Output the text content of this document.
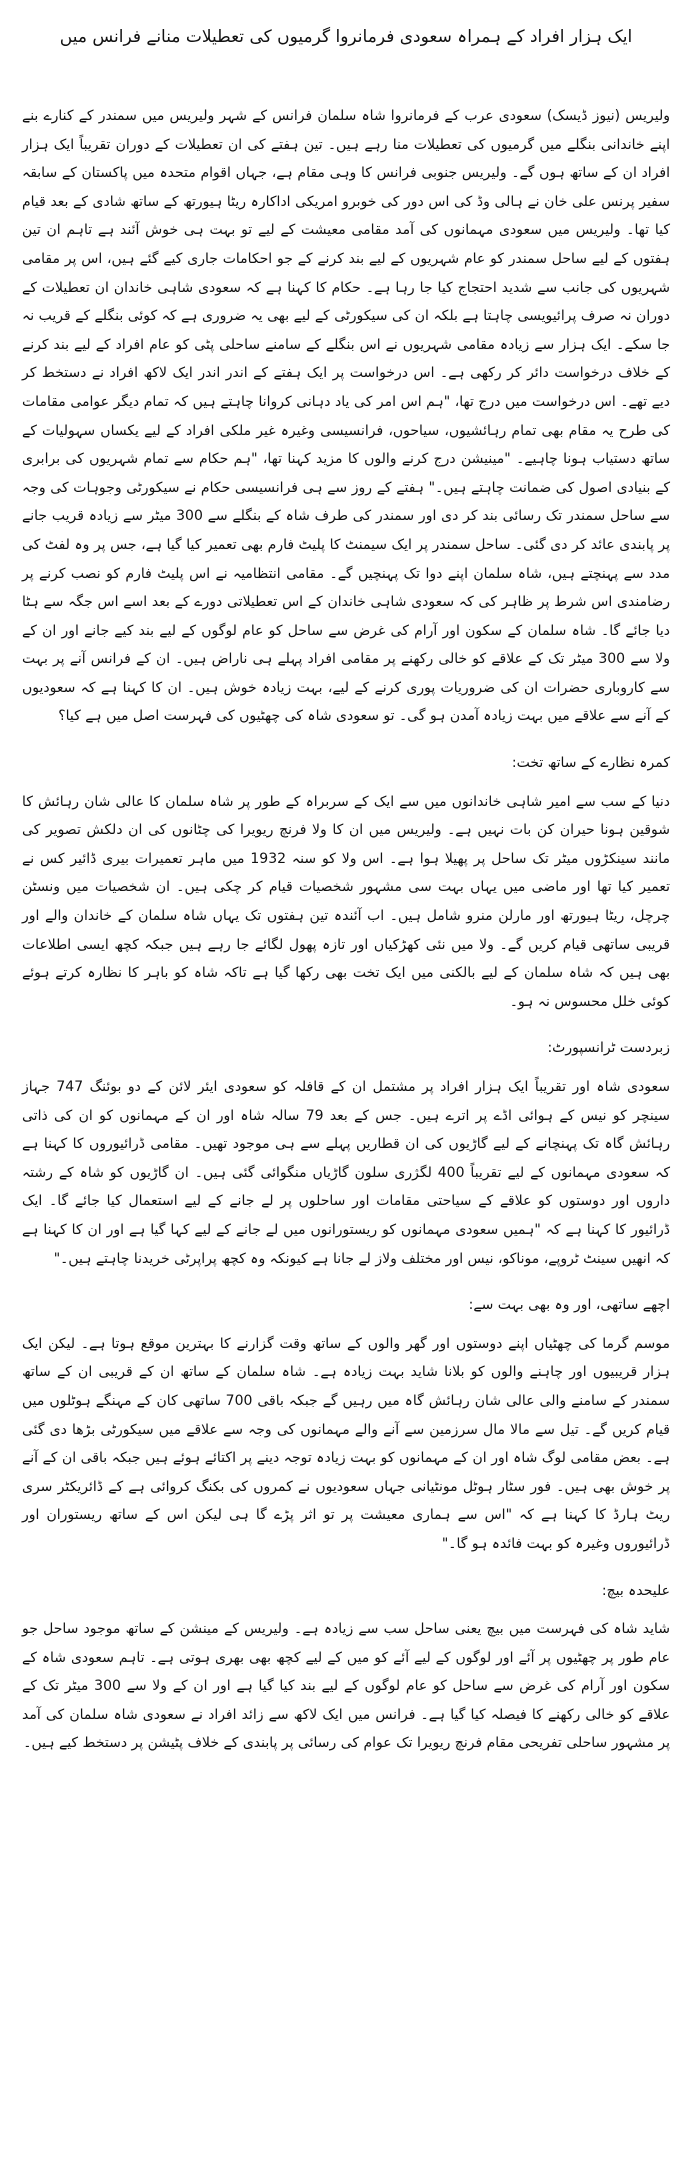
ایک ہزار افراد کے ہمراہ سعودی فرمانروا گرمیوں کی تعطیلات منانے فرانس میں

ولیریس (نیوز ڈیسک) سعودی عرب کے فرمانروا شاہ سلمان فرانس کے شہر ولیریس میں سمندر کے کنارے بنے اپنے خاندانی بنگلے میں گرمیوں کی تعطیلات منا رہے ہیں۔ تین ہفتے کی ان تعطیلات کے دوران تقریباً ایک ہزار افراد ان کے ساتھ ہوں گے۔ ولیریس جنوبی فرانس کا وہی مقام ہے، جہاں اقوام متحدہ میں پاکستان کے سابقہ سفیر پرنس علی خان نے ہالی وڈ کی اس دور کی خوبرو امریکی اداکارہ ریٹا ہیورتھ کے ساتھ شادی کے بعد قیام کیا تھا۔ ولیریس میں سعودی مہمانوں کی آمد مقامی معیشت کے لیے تو بہت ہی خوش آئند ہے تاہم ان تین ہفتوں کے لیے ساحل سمندر کو عام شہریوں کے لیے بند کرنے کے جو احکامات جاری کیے گئے ہیں، اس پر مقامی شہریوں کی جانب سے شدید احتجاج کیا جا رہا ہے۔ حکام کا کہنا ہے کہ سعودی شاہی خاندان ان تعطیلات کے دوران نہ صرف پرائیویسی چاہتا ہے بلکہ ان کی سیکورٹی کے لیے بھی یہ ضروری ہے کہ کوئی بنگلے کے قریب نہ جا سکے۔ ایک ہزار سے زیادہ مقامی شہریوں نے اس بنگلے کے سامنے ساحلی پٹی کو عام افراد کے لیے بند کرنے کے خلاف درخواست دائر کر رکھی ہے۔ اس درخواست پر ایک ہفتے کے اندر اندر ایک لاکھ افراد نے دستخط کر دیے تھے۔ اس درخواست میں درج تھا، "ہم اس امر کی یاد دہانی کروانا چاہتے ہیں کہ تمام دیگر عوامی مقامات کی طرح یہ مقام بھی تمام رہائشیوں، سیاحوں، فرانسیسی وغیرہ غیر ملکی افراد کے لیے یکساں سہولیات کے ساتھ دستیاب ہونا چاہیے۔ "مینیشن درج کرنے والوں کا مزید کہنا تھا، "ہم حکام سے تمام شہریوں کی برابری کے بنیادی اصول کی ضمانت چاہتے ہیں۔" ہفتے کے روز سے ہی فرانسیسی حکام نے سیکورٹی وجوہات کی وجہ سے ساحل سمندر تک رسائی بند کر دی اور سمندر کی طرف شاہ کے بنگلے سے 300 میٹر سے زیادہ قریب جانے پر پابندی عائد کر دی گئی۔ ساحل سمندر پر ایک سیمنٹ کا پلیٹ فارم بھی تعمیر کیا گیا ہے، جس پر وہ لفٹ کی مدد سے پہنچتے ہیں، شاہ سلمان اپنے دوا تک پہنچیں گے۔ مقامی انتظامیہ نے اس پلیٹ فارم کو نصب کرنے پر رضامندی اس شرط پر ظاہر کی کہ سعودی شاہی خاندان کے اس تعطیلاتی دورے کے بعد اسے اس جگہ سے ہٹا دیا جائے گا۔ شاہ سلمان کے سکون اور آرام کی غرض سے ساحل کو عام لوگوں کے لیے بند کیے جانے اور ان کے ولا سے 300 میٹر تک کے علاقے کو خالی رکھنے پر مقامی افراد پہلے ہی ناراض ہیں۔ ان کے فرانس آنے پر بہت سے کاروباری حضرات ان کی ضروریات پوری کرنے کے لیے، بہت زیادہ خوش ہیں۔ ان کا کہنا ہے کہ سعودیوں کے آنے سے علاقے میں بہت زیادہ آمدن ہو گی۔ تو سعودی شاہ کی چھٹیوں کی فہرست اصل میں ہے کیا؟

کمرہ نظارے کے ساتھ تخت:

دنیا کے سب سے امیر شاہی خاندانوں میں سے ایک کے سربراہ کے طور پر شاہ سلمان کا عالی شان رہائش کا شوقین ہونا حیران کن بات نہیں ہے۔ ولیریس میں ان کا ولا فرنچ ریویرا کی چٹانوں کی ان دلکش تصویر کی مانند سینکڑوں میٹر تک ساحل پر پھیلا ہوا ہے۔ اس ولا کو سنہ 1932 میں ماہر تعمیرات بیری ڈائیر کس نے تعمیر کیا تھا اور ماضی میں یہاں بہت سی مشہور شخصیات قیام کر چکی ہیں۔ ان شخصیات میں ونسٹن چرچل، ریٹا ہیورتھ اور مارلن منرو شامل ہیں۔ اب آئندہ تین ہفتوں تک یہاں شاہ سلمان کے خاندان والے اور قریبی ساتھی قیام کریں گے۔ ولا میں نئی کھڑکیاں اور تازہ پھول لگائے جا رہے ہیں جبکہ کچھ ایسی اطلاعات بھی ہیں کہ شاہ سلمان کے لیے بالکنی میں ایک تخت بھی رکھا گیا ہے تاکہ شاہ کو باہر کا نظارہ کرتے ہوئے کوئی خلل محسوس نہ ہو۔

زبردست ٹرانسپورٹ:

سعودی شاہ اور تقریباً ایک ہزار افراد پر مشتمل ان کے قافلہ کو سعودی ایئر لائن کے دو بوئنگ 747 جہاز سینچر کو نیس کے ہوائی اڈے پر اترے ہیں۔ جس کے بعد 79 سالہ شاہ اور ان کے مہمانوں کو ان کی ذاتی رہائش گاہ تک پہنچانے کے لیے گاڑیوں کی ان قطاریں پہلے سے ہی موجود تھیں۔ مقامی ڈرائیوروں کا کہنا ہے کہ سعودی مہمانوں کے لیے تقریباً 400 لگژری سلون گاڑیاں منگوائی گئی ہیں۔ ان گاڑیوں کو شاہ کے رشتہ داروں اور دوستوں کو علاقے کے سیاحتی مقامات اور ساحلوں پر لے جانے کے لیے استعمال کیا جائے گا۔ ایک ڈرائیور کا کہنا ہے کہ "ہمیں سعودی مہمانوں کو ریستورانوں میں لے جانے کے لیے کہا گیا ہے اور ان کا کہنا ہے کہ انھیں سینٹ ٹروپے، موناکو، نیس اور مختلف ولاز لے جانا ہے کیونکہ وہ کچھ پراپرٹی خریدنا چاہتے ہیں۔"

اچھے ساتھی، اور وہ بھی بہت سے:

موسم گرما کی چھٹیاں اپنے دوستوں اور گھر والوں کے ساتھ وقت گزارنے کا بہترین موقع ہوتا ہے۔ لیکن ایک ہزار قریبیوں اور چاہنے والوں کو بلانا شاید بہت زیادہ ہے۔ شاہ سلمان کے ساتھ ان کے قریبی ان کے ساتھ سمندر کے سامنے والی عالی شان رہائش گاہ میں رہیں گے جبکہ باقی 700 ساتھی کان کے مہنگے ہوٹلوں میں قیام کریں گے۔ تیل سے مالا مال سرزمین سے آنے والے مہمانوں کی وجہ سے علاقے میں سیکورٹی بڑھا دی گئی ہے۔ بعض مقامی لوگ شاہ اور ان کے مہمانوں کو بہت زیادہ توجہ دینے پر اکتائے ہوئے ہیں جبکہ باقی ان کے آنے پر خوش بھی ہیں۔ فور سٹار ہوٹل مونٹیانی جہاں سعودیوں نے کمروں کی بکنگ کروائی ہے کے ڈائریکٹر سری ریٹ ہارڈ کا کہنا ہے کہ "اس سے ہماری معیشت پر تو اثر پڑے گا ہی لیکن اس کے ساتھ ریستوران اور ڈرائیوروں وغیرہ کو بہت فائدہ ہو گا۔"

علیحدہ بیچ:

شاید شاہ کی فہرست میں بیچ یعنی ساحل سب سے زیادہ ہے۔ ولیریس کے مینشن کے ساتھ موجود ساحل جو عام طور پر چھٹیوں پر آئے اور لوگوں کے لیے آئے کو میں کے لیے کچھ بھی بھری ہوتی ہے۔ تاہم سعودی شاہ کے سکون اور آرام کی غرض سے ساحل کو عام لوگوں کے لیے بند کیا گیا ہے اور ان کے ولا سے 300 میٹر تک کے علاقے کو خالی رکھنے کا فیصلہ کیا گیا ہے۔ فرانس میں ایک لاکھ سے زائد افراد نے سعودی شاہ سلمان کی آمد پر مشہور ساحلی تفریحی مقام فرنچ ریویرا تک عوام کی رسائی پر پابندی کے خلاف پٹیشن پر دستخط کیے ہیں۔
